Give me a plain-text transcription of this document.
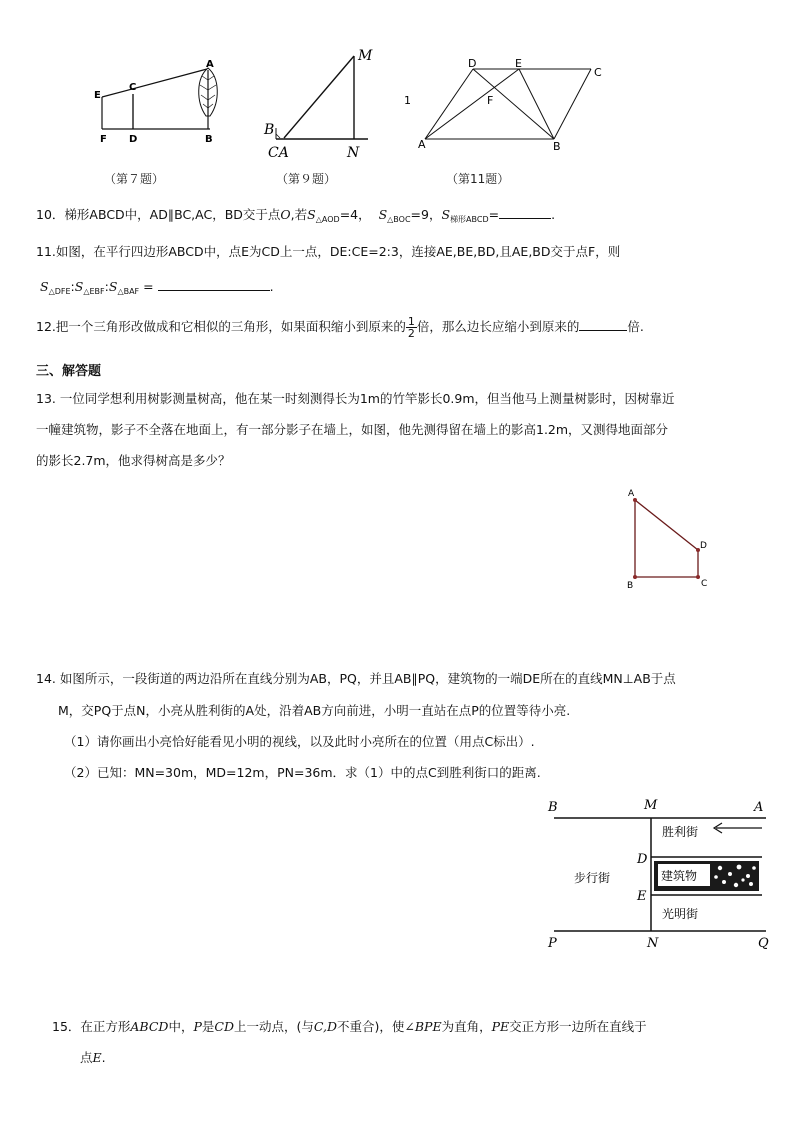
A
C
E
F D	B
（第７题）
M
B
CA	N
（第９题）
1
D	E
C
F
A	B
（第11题）
10．梯形ABCD中，AD∥BC,AC，BD交于点O,若$S_{\triangle AOD}=4$， $S_{\triangle BOC}=9$，$S_{梯形ABCD}=$	.
11.如图，在平行四边形ABCD中，点E为CD上一点，DE:CE=2:3，连接AE,BE,BD,且AE,BD交于点F，则
$S_{\triangle DFE}:S_{\triangle EBF}:S_{\triangle BAF}$ =	.
12.把一个三角形改做成和它相似的三角形，如果面积缩小到原来的 $\frac{1}{2}$ 倍，那么边长应缩小到原来的	倍.
三、解答题
13. 一位同学想利用树影测量树高，他在某一时刻测得长为1m的竹竿影长0.9m，但当他马上测量树影时，因树靠近
一幢建筑物，影子不全落在地面上，有一部分影子在墙上，如图，他先测得留在墙上的影高1.2m，又测得地面部分
的影长2.7m，他求得树高是多少？
A
B	C
D
14. 如图所示，一段街道的两边沿所在直线分别为AB，PQ，并且AB∥PQ，建筑物的一端DE所在的直线MN⊥AB于点
M，交PQ于点N，小亮从胜利街的A处，沿着AB方向前进，小明一直站在点P的位置等待小亮.
（1）请你画出小亮恰好能看见小明的视线，以及此时小亮所在的位置（用点C标出）.
（2）已知：MN=30m，MD=12m，PN=36m．求（1）中的点C到胜利街口的距离.
B	M	A
D
E
P	N	Q
胜利街
步行街	建筑物
光明街
15．在正方形ABCD中，P是CD上一动点，(与C,D不重合)，使∠BPE为直角，PE交正方形一边所在直线于
点E.
